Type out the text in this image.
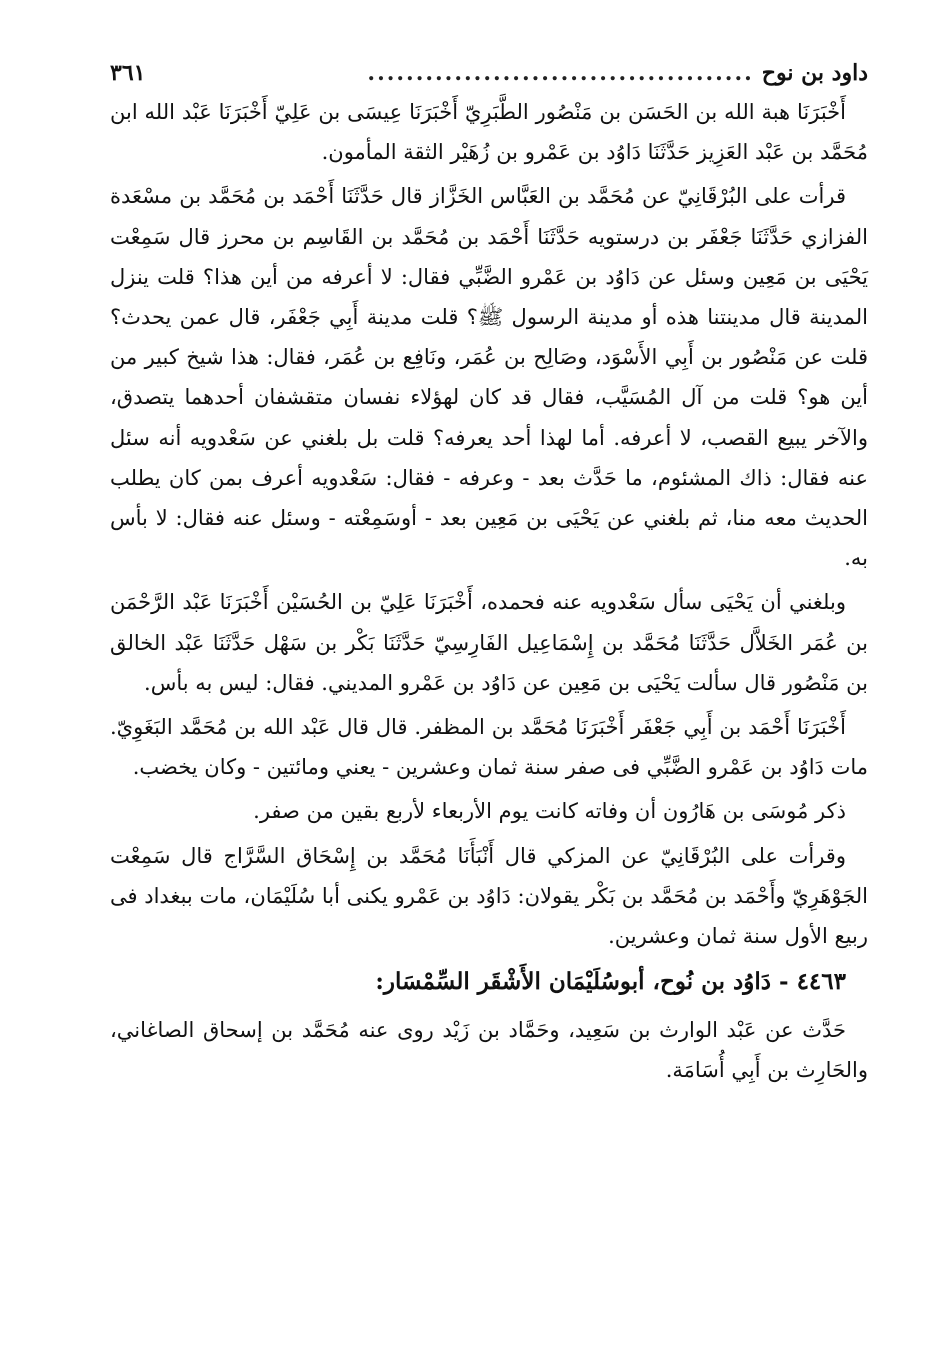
داود بن نوح
........................................
٣٦١

أَخْبَرَنَا هبة الله بن الحَسَن بن مَنْصُور الطَّبَرِيّ أَخْبَرَنَا عِيسَى بن عَلِيّ أَخْبَرَنَا عَبْد الله ابن مُحَمَّد بن عَبْد العَزِيز حَدَّثَنَا دَاوُد بن عَمْرو بن زُهَيْر الثقة المأمون.

قرأت على البُرْقَانِيّ عن مُحَمَّد بن العَبَّاس الخَزَّاز قال حَدَّثَنَا أَحْمَد بن مُحَمَّد بن مسْعَدة الفزازي حَدَّثَنَا جَعْفَر بن درستويه حَدَّثَنَا أَحْمَد بن مُحَمَّد بن القَاسِم بن محرز قال سَمِعْت يَحْيَى بن مَعِين وسئل عن دَاوُد بن عَمْرو الضَّبِّي فقال: لا أعرفه من أين هذا؟ قلت ينزل المدينة قال مدينتنا هذه أو مدينة الرسول ﷺ؟ قلت مدينة أَبِي جَعْفَر، قال عمن يحدث؟ قلت عن مَنْصُور بن أَبِي الأَسْوَد، وصَالِح بن عُمَر، ونَافِع بن عُمَر، فقال: هذا شيخ كبير من أين هو؟ قلت من آل المُسَيَّب، فقال قد كان لهؤلاء نفسان متقشفان أحدهما يتصدق، والآخر يبيع القصب، لا أعرفه. أما لهذا أحد يعرفه؟ قلت بل بلغني عن سَعْدويه أنه سئل عنه فقال: ذاك المشئوم، ما حَدَّث بعد - وعرفه - فقال: سَعْدويه أعرف بمن كان يطلب الحديث معه منا، ثم بلغني عن يَحْيَى بن مَعِين بعد - أوسَمِعْته - وسئل عنه فقال: لا بأس به.

وبلغني أن يَحْيَى سأل سَعْدويه عنه فحمده، أَخْبَرَنَا عَلِيّ بن الحُسَيْن أَخْبَرَنَا عَبْد الرَّحْمَن بن عُمَر الخَلاَّل حَدَّثَنَا مُحَمَّد بن إِسْمَاعِيل الفَارِسِيّ حَدَّثَنَا بَكْر بن سَهْل حَدَّثَنَا عَبْد الخالق بن مَنْصُور قال سألت يَحْيَى بن مَعِين عن دَاوُد بن عَمْرو المديني. فقال: ليس به بأس.

أَخْبَرَنَا أَحْمَد بن أَبِي جَعْفَر أَخْبَرَنَا مُحَمَّد بن المظفر. قال قال عَبْد الله بن مُحَمَّد البَغَوِيّ. مات دَاوُد بن عَمْرو الضَّبِّي فى صفر سنة ثمان وعشرين - يعني ومائتين - وكان يخضب.

ذكر مُوسَى بن هَارُون أن وفاته كانت يوم الأربعاء لأربع بقين من صفر.

وقرأت على البُرْقَانِيّ عن المزكي قال أَنْبَأَنَا مُحَمَّد بن إِسْحَاق السَّرَّاج قال سَمِعْت الجَوْهَرِيّ وأَحْمَد بن مُحَمَّد بن بَكْر يقولان: دَاوُد بن عَمْرو يكنى أبا سُلَيْمَان، مات ببغداد فى ربيع الأول سنة ثمان وعشرين.

٤٤٦٣ - دَاوُد بن نُوح، أبوسُلَيْمَان الأَشْقَر السِّمْسَار:

حَدَّث عن عَبْد الوارث بن سَعِيد، وحَمَّاد بن زَيْد روى عنه مُحَمَّد بن إسحاق الصاغاني، والحَارِث بن أَبِي أُسَامَة.
